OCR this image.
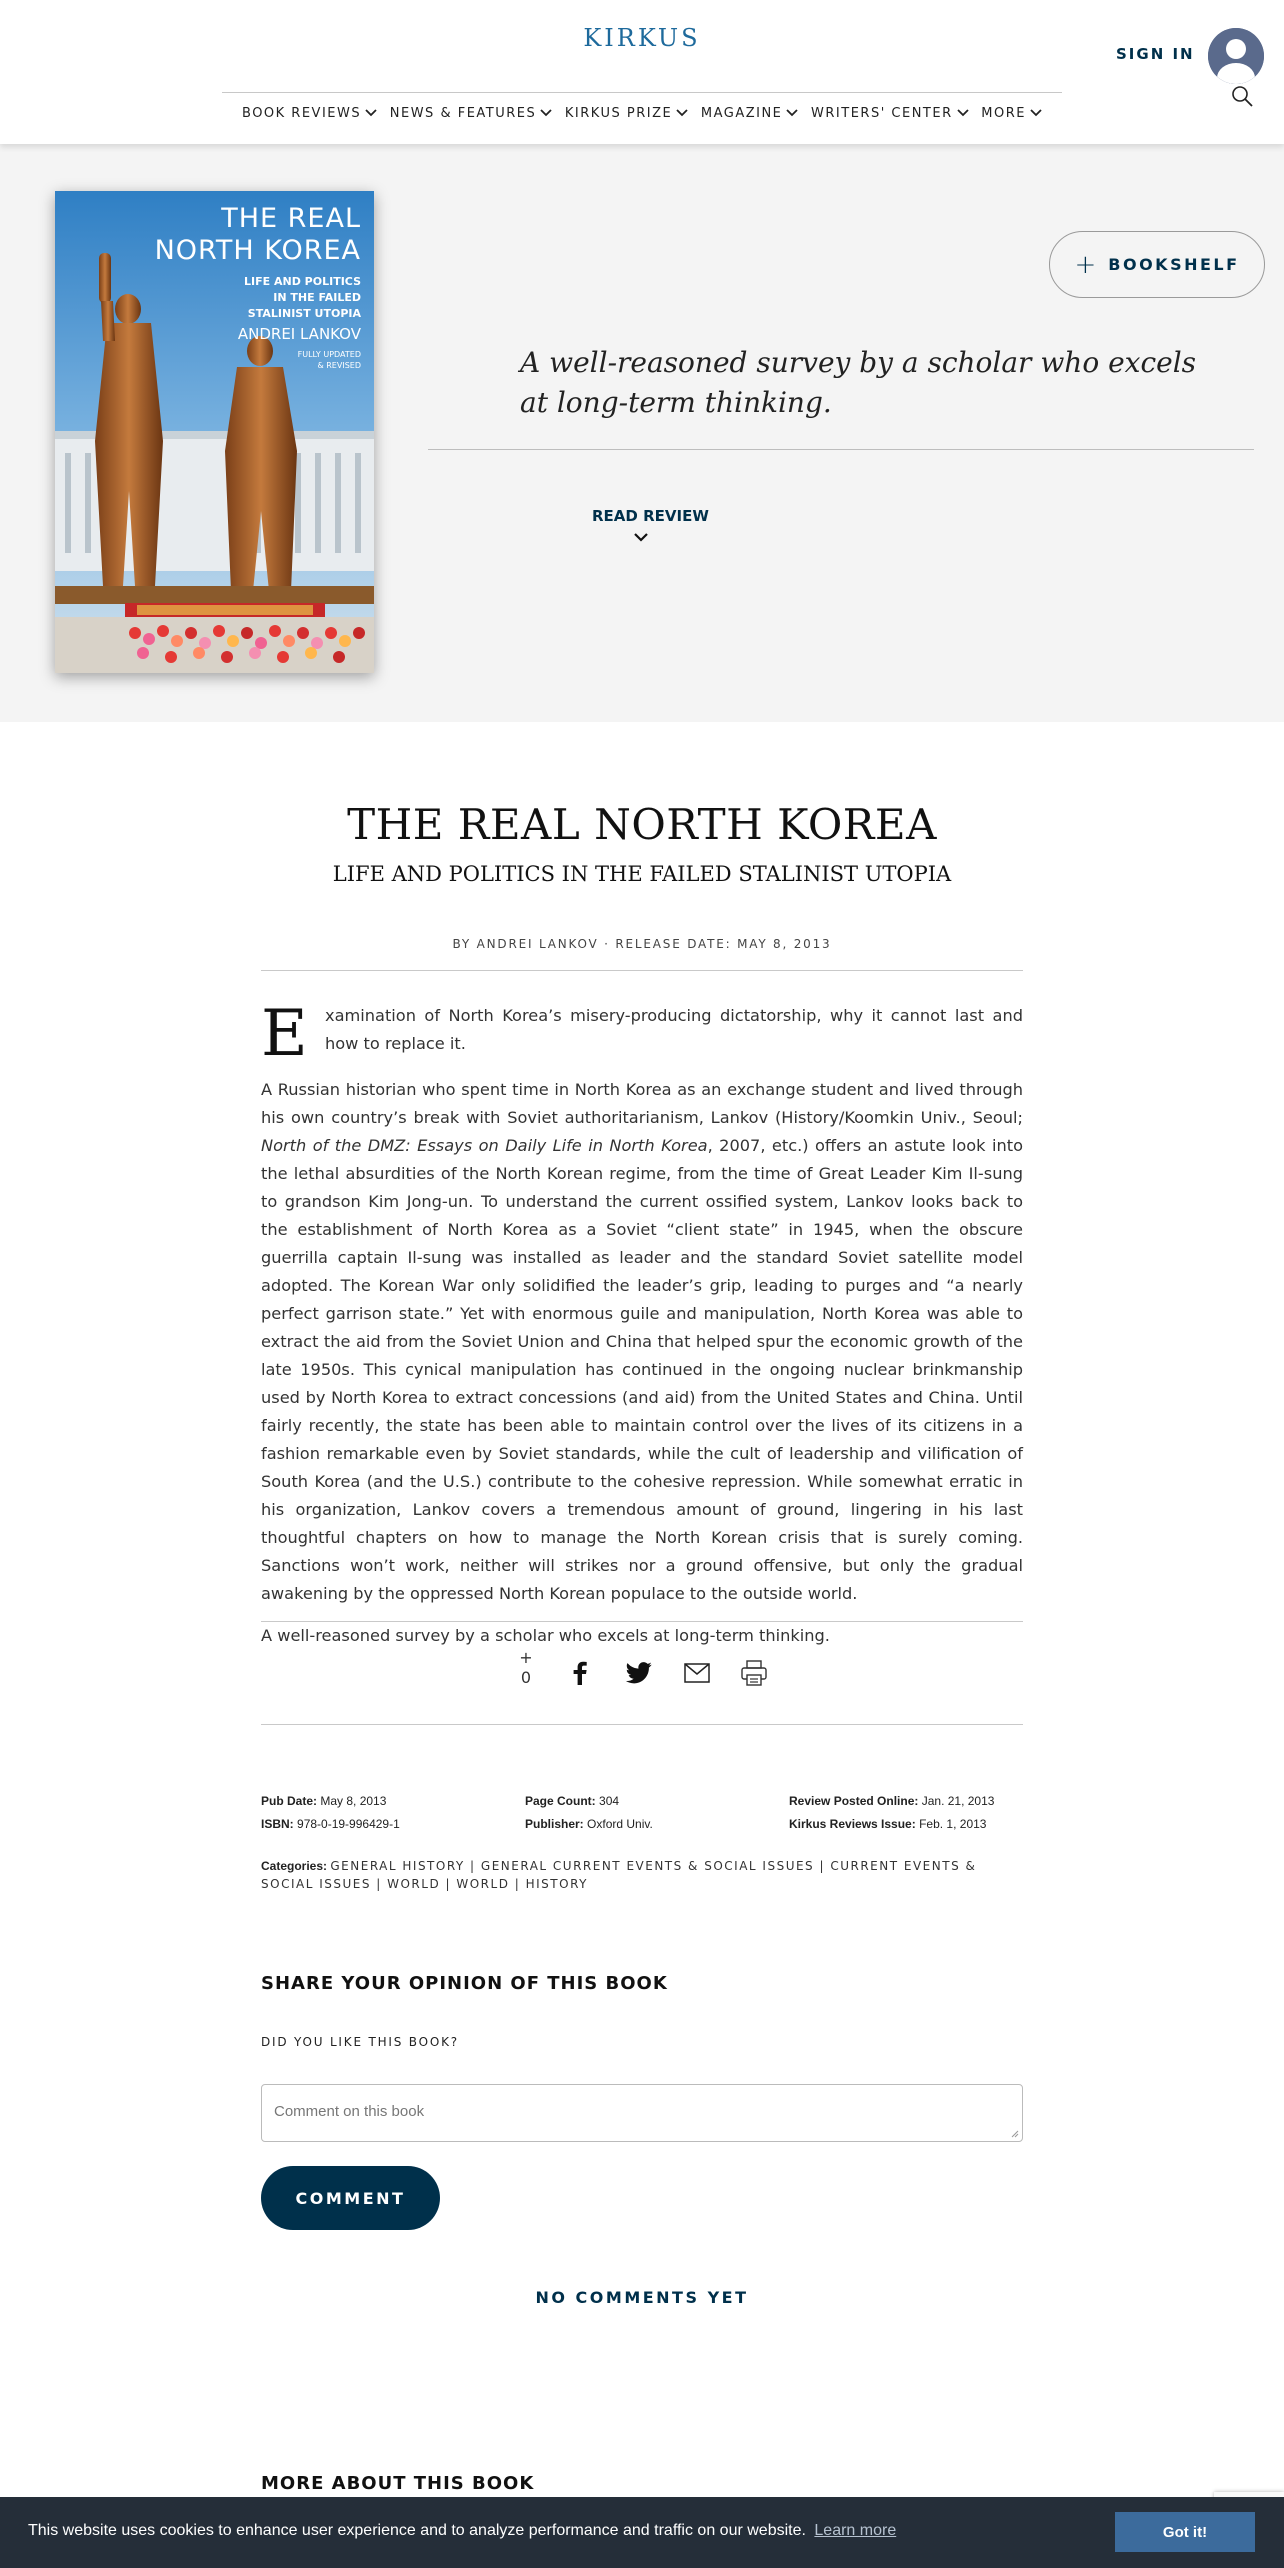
KIRKUS
SIGN IN
BOOK REVIEWS NEWS & FEATURES KIRKUS PRIZE MAGAZINE WRITERS' CENTER MORE
THE REAL
NORTH KOREA
LIFE AND POLITICS
IN THE FAILED
STALINIST UTOPIA
ANDREI LANKOV
FULLY UPDATED
& REVISED
+ BOOKSHELF
A well-reasoned survey by a scholar who excels at long-term thinking.
READ REVIEW
THE REAL NORTH KOREA
LIFE AND POLITICS IN THE FAILED STALINIST UTOPIA
BY ANDREI LANKOV · RELEASE DATE: MAY 8, 2013
E xamination of North Korea’s misery-producing dictatorship, why it cannot last and how to replace it.

A Russian historian who spent time in North Korea as an exchange student and lived through his own country’s break with Soviet authoritarianism, Lankov (History/Koomkin Univ., Seoul; North of the DMZ: Essays on Daily Life in North Korea, 2007, etc.) offers an astute look into the lethal absurdities of the North Korean regime, from the time of Great Leader Kim Il-sung to grandson Kim Jong-un. To understand the current ossified system, Lankov looks back to the establishment of North Korea as a Soviet “client state” in 1945, when the obscure guerrilla captain Il-sung was installed as leader and the standard Soviet satellite model adopted. The Korean War only solidified the leader’s grip, leading to purges and “a nearly perfect garrison state.” Yet with enormous guile and manipulation, North Korea was able to extract the aid from the Soviet Union and China that helped spur the economic growth of the late 1950s. This cynical manipulation has continued in the ongoing nuclear brinkmanship used by North Korea to extract concessions (and aid) from the United States and China. Until fairly recently, the state has been able to maintain control over the lives of its citizens in a fashion remarkable even by Soviet standards, while the cult of leadership and vilification of South Korea (and the U.S.) contribute to the cohesive repression. While somewhat erratic in his organization, Lankov covers a tremendous amount of ground, lingering in his last thoughtful chapters on how to manage the North Korean crisis that is surely coming. Sanctions won’t work, neither will strikes nor a ground offensive, but only the gradual awakening by the oppressed North Korean populace to the outside world.

A well-reasoned survey by a scholar who excels at long-term thinking.

+
0
Pub Date: May 8, 2013
ISBN: 978-0-19-996429-1
Page Count: 304
Publisher: Oxford Univ.
Review Posted Online: Jan. 21, 2013
Kirkus Reviews Issue: Feb. 1, 2013
Categories: GENERAL HISTORY | GENERAL CURRENT EVENTS & SOCIAL ISSUES | CURRENT EVENTS & SOCIAL ISSUES | WORLD | WORLD | HISTORY
SHARE YOUR OPINION OF THIS BOOK
DID YOU LIKE THIS BOOK?
Comment on this book
COMMENT
NO COMMENTS YET
MORE ABOUT THIS BOOK
This website uses cookies to enhance user experience and to analyze performance and traffic on our website. Learn more	Got it!
